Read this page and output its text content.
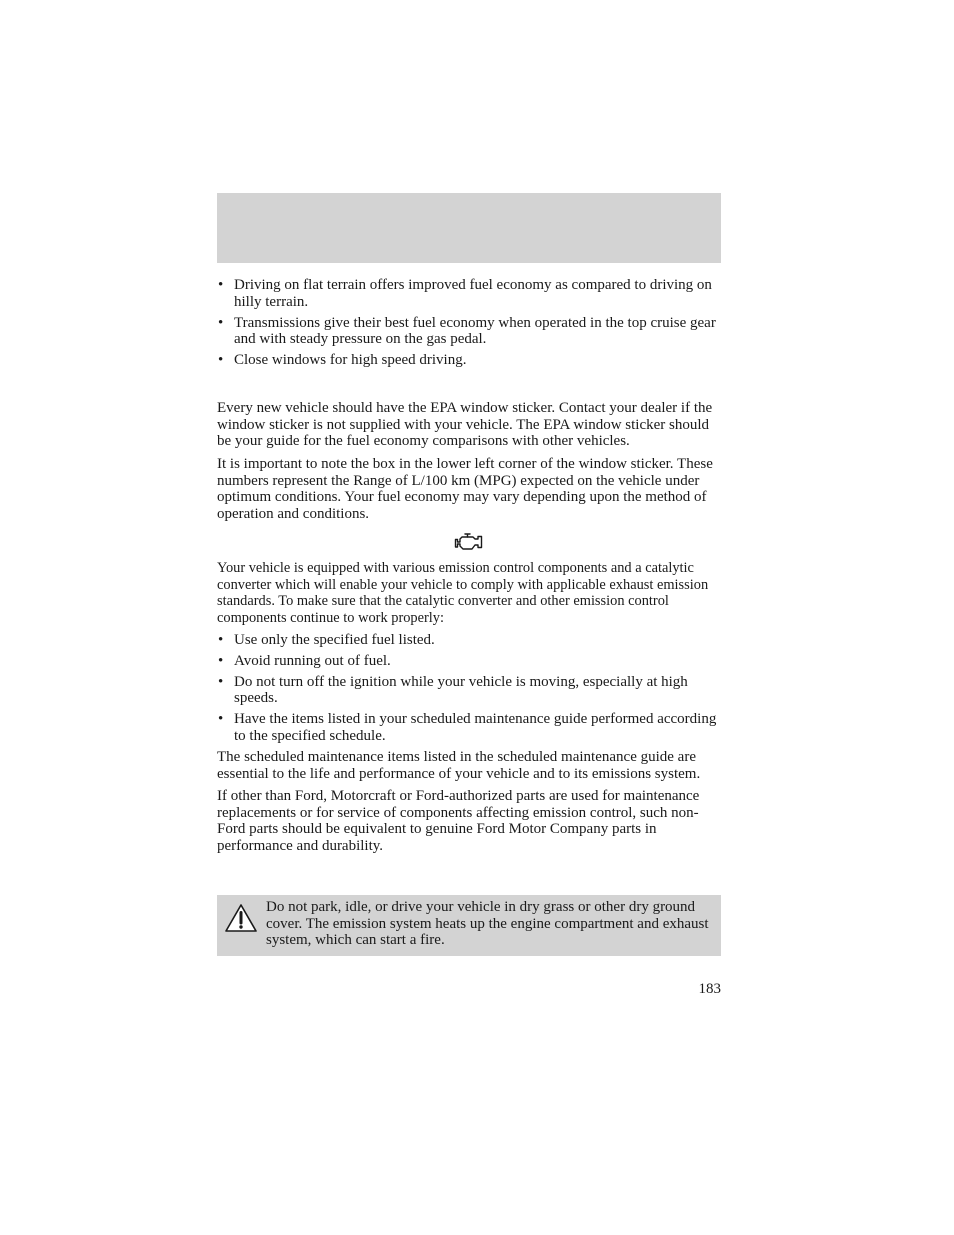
• Driving on flat terrain offers improved fuel economy as compared to driving on hilly terrain.
• Transmissions give their best fuel economy when operated in the top cruise gear and with steady pressure on the gas pedal.
• Close windows for high speed driving.

Every new vehicle should have the EPA window sticker. Contact your dealer if the window sticker is not supplied with your vehicle. The EPA window sticker should be your guide for the fuel economy comparisons with other vehicles.

It is important to note the box in the lower left corner of the window sticker. These numbers represent the Range of L/100 km (MPG) expected on the vehicle under optimum conditions. Your fuel economy may vary depending upon the method of operation and conditions.

Your vehicle is equipped with various emission control components and a catalytic converter which will enable your vehicle to comply with applicable exhaust emission standards. To make sure that the catalytic converter and other emission control components continue to work properly:

• Use only the specified fuel listed.
• Avoid running out of fuel.
• Do not turn off the ignition while your vehicle is moving, especially at high speeds.
• Have the items listed in your scheduled maintenance guide performed according to the specified schedule.

The scheduled maintenance items listed in the scheduled maintenance guide are essential to the life and performance of your vehicle and to its emissions system.

If other than Ford, Motorcraft or Ford-authorized parts are used for maintenance replacements or for service of components affecting emission control, such non-Ford parts should be equivalent to genuine Ford Motor Company parts in performance and durability.

Do not park, idle, or drive your vehicle in dry grass or other dry ground cover. The emission system heats up the engine compartment and exhaust system, which can start a fire.
183
